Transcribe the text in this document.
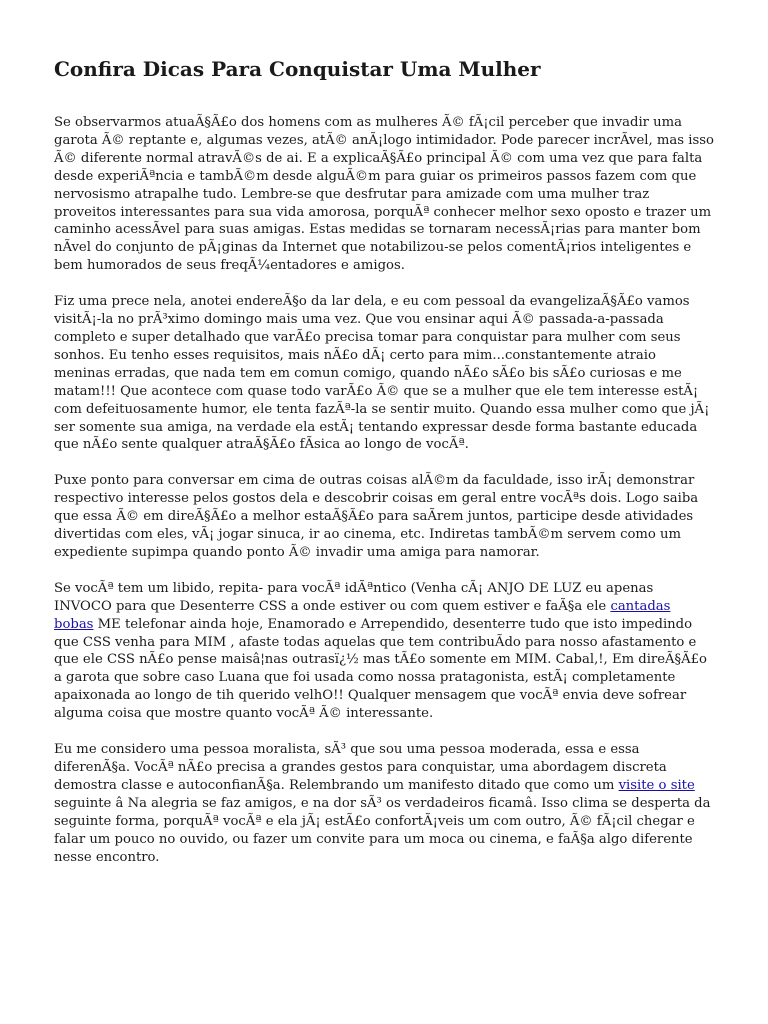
Confira Dicas Para Conquistar Uma Mulher

Se observarmos atuaÃ§Ã£o dos homens com as mulheres Ã© fÃ¡cil perceber que invadir uma garota Ã© reptante e, algumas vezes, atÃ© anÃ¡logo intimidador. Pode parecer incrÃvel, mas isso Ã© diferente normal atravÃ©s de ai. E a explicaÃ§Ã£o principal Ã© com uma vez que para falta desde experiÃªncia e tambÃ©m desde alguÃ©m para guiar os primeiros passos fazem com que nervosismo atrapalhe tudo. Lembre-se que desfrutar para amizade com uma mulher traz proveitos interessantes para sua vida amorosa, porquÃª conhecer melhor sexo oposto e trazer um caminho acessÃvel para suas amigas. Estas medidas se tornaram necessÃ¡rias para manter bom nÃvel do conjunto de pÃ¡ginas da Internet que notabilizou-se pelos comentÃ¡rios inteligentes e bem humorados de seus freqÃ¼entadores e amigos.

Fiz uma prece nela, anotei endereÃ§o da lar dela, e eu com pessoal da evangelizaÃ§Ã£o vamos visitÃ¡-la no prÃ³ximo domingo mais uma vez. Que vou ensinar aqui Ã© passada-a-passada completo e super detalhado que varÃ£o precisa tomar para conquistar para mulher com seus sonhos. Eu tenho esses requisitos, mais nÃ£o dÃ¡ certo para mim...constantemente atraio meninas erradas, que nada tem em comun comigo, quando nÃ£o sÃ£o bis sÃ£o curiosas e me matam!!! Que acontece com quase todo varÃ£o Ã© que se a mulher que ele tem interesse estÃ¡ com defeituosamente humor, ele tenta fazÃª-la se sentir muito. Quando essa mulher como que jÃ¡ ser somente sua amiga, na verdade ela estÃ¡ tentando expressar desde forma bastante educada que nÃ£o sente qualquer atraÃ§Ã£o fÃsica ao longo de vocÃª.

Puxe ponto para conversar em cima de outras coisas alÃ©m da faculdade, isso irÃ¡ demonstrar respectivo interesse pelos gostos dela e descobrir coisas em geral entre vocÃªs dois. Logo saiba que essa Ã© em direÃ§Ã£o a melhor estaÃ§Ã£o para saÃrem juntos, participe desde atividades divertidas com eles, vÃ¡ jogar sinuca, ir ao cinema, etc. Indiretas tambÃ©m servem como um expediente supimpa quando ponto Ã© invadir uma amiga para namorar.

Se vocÃª tem um libido, repita- para vocÃª idÃªntico (Venha cÃ¡ ANJO DE LUZ eu apenas INVOCO para que Desenterre CSS a onde estiver ou com quem estiver e faÃ§a ele cantadas bobas ME telefonar ainda hoje, Enamorado e Arrependido, desenterre tudo que isto impedindo que CSS venha para MIM , afaste todas aquelas que tem contribuÃdo para nosso afastamento e que ele CSS nÃ£o pense maisâ¦nas outrasï¿½ mas tÃ£o somente em MIM. Cabal,!, Em direÃ§Ã£o a garota que sobre caso Luana que foi usada como nossa pratagonista, estÃ¡ completamente apaixonada ao longo de tih querido velhO!! Qualquer mensagem que vocÃª envia deve sofrear alguma coisa que mostre quanto vocÃª Ã© interessante.

Eu me considero uma pessoa moralista, sÃ³ que sou uma pessoa moderada, essa e essa diferenÃ§a. VocÃª nÃ£o precisa a grandes gestos para conquistar, uma abordagem discreta demostra classe e autoconfianÃ§a. Relembrando um manifesto ditado que como um visite o site seguinte â Na alegria se faz amigos, e na dor sÃ³ os verdadeiros ficamâ. Isso clima se desperta da seguinte forma, porquÃª vocÃª e ela jÃ¡ estÃ£o confortÃ¡veis um com outro, Ã© fÃ¡cil chegar e falar um pouco no ouvido, ou fazer um convite para um moca ou cinema, e faÃ§a algo diferente nesse encontro.
